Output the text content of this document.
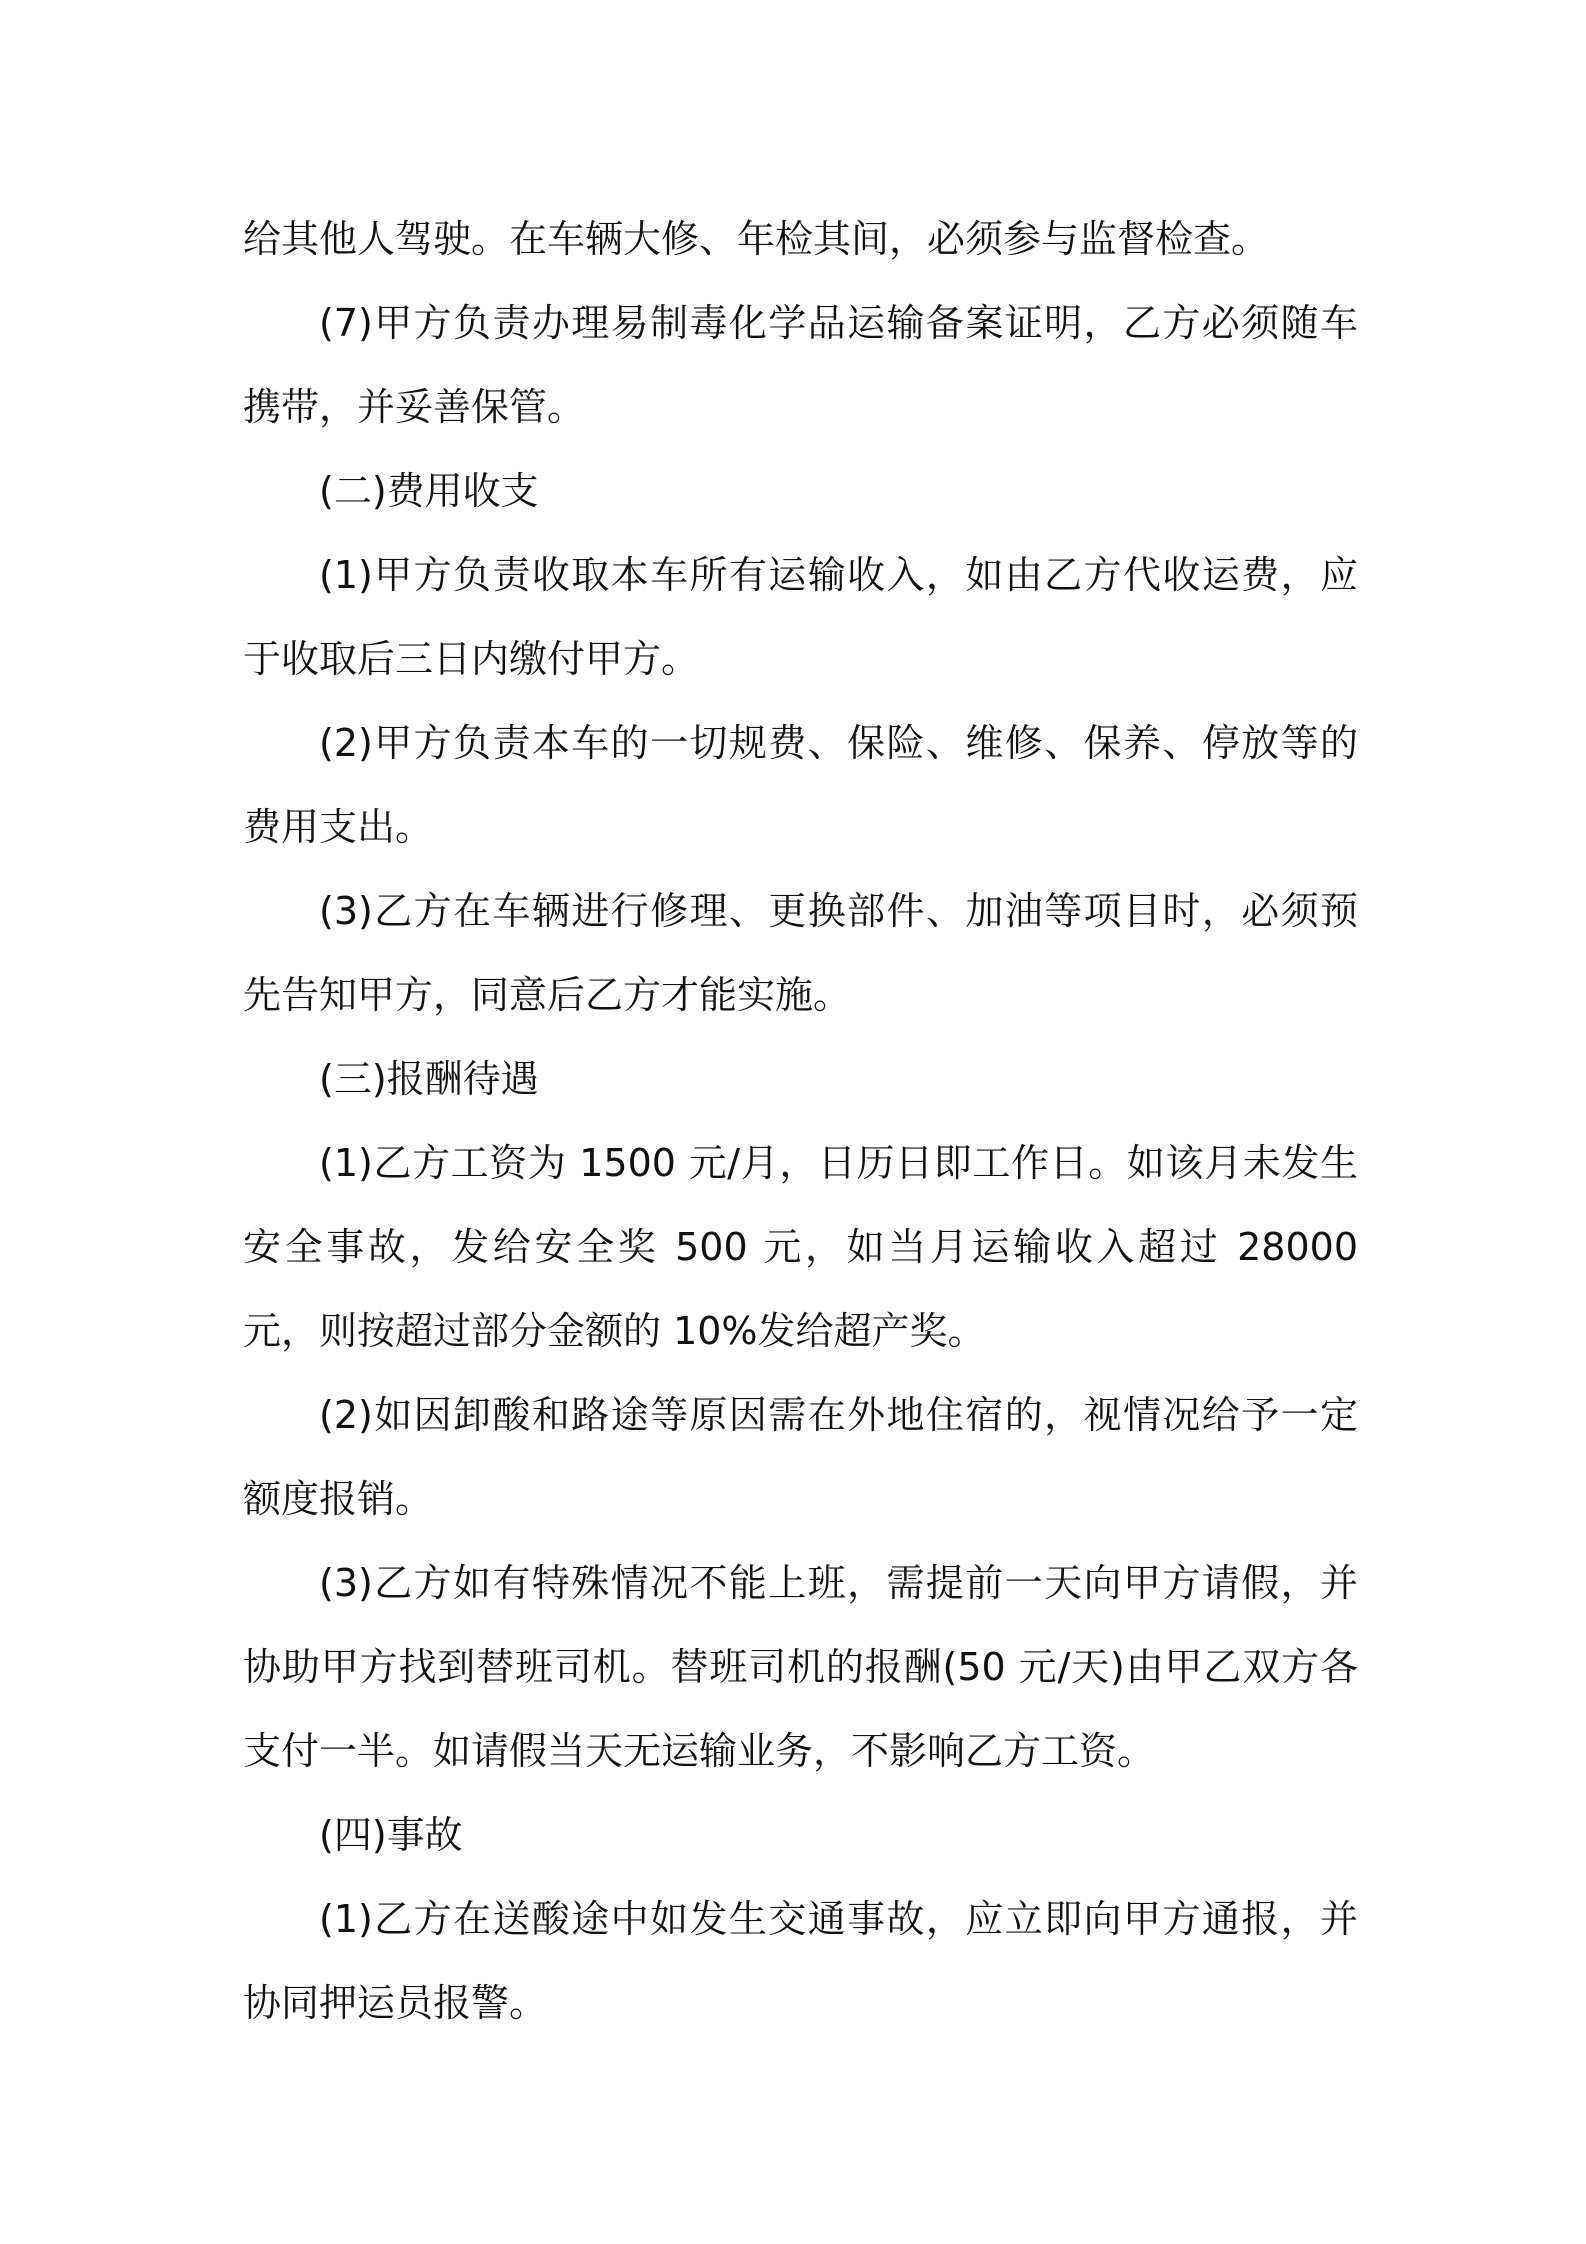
给其他人驾驶。在车辆大修、年检其间，必须参与监督检查。

(7)甲方负责办理易制毒化学品运输备案证明，乙方必须随车携带，并妥善保管。

(二)费用收支

(1)甲方负责收取本车所有运输收入，如由乙方代收运费，应于收取后三日内缴付甲方。

(2)甲方负责本车的一切规费、保险、维修、保养、停放等的费用支出。

(3)乙方在车辆进行修理、更换部件、加油等项目时，必须预先告知甲方，同意后乙方才能实施。

(三)报酬待遇

(1)乙方工资为 1500 元/月，日历日即工作日。如该月未发生安全事故，发给安全奖 500 元，如当月运输收入超过 28000 元，则按超过部分金额的 10%发给超产奖。

(2)如因卸酸和路途等原因需在外地住宿的，视情况给予一定额度报销。

(3)乙方如有特殊情况不能上班，需提前一天向甲方请假，并协助甲方找到替班司机。替班司机的报酬(50 元/天)由甲乙双方各支付一半。如请假当天无运输业务，不影响乙方工资。

(四)事故

(1)乙方在送酸途中如发生交通事故，应立即向甲方通报，并协同押运员报警。
